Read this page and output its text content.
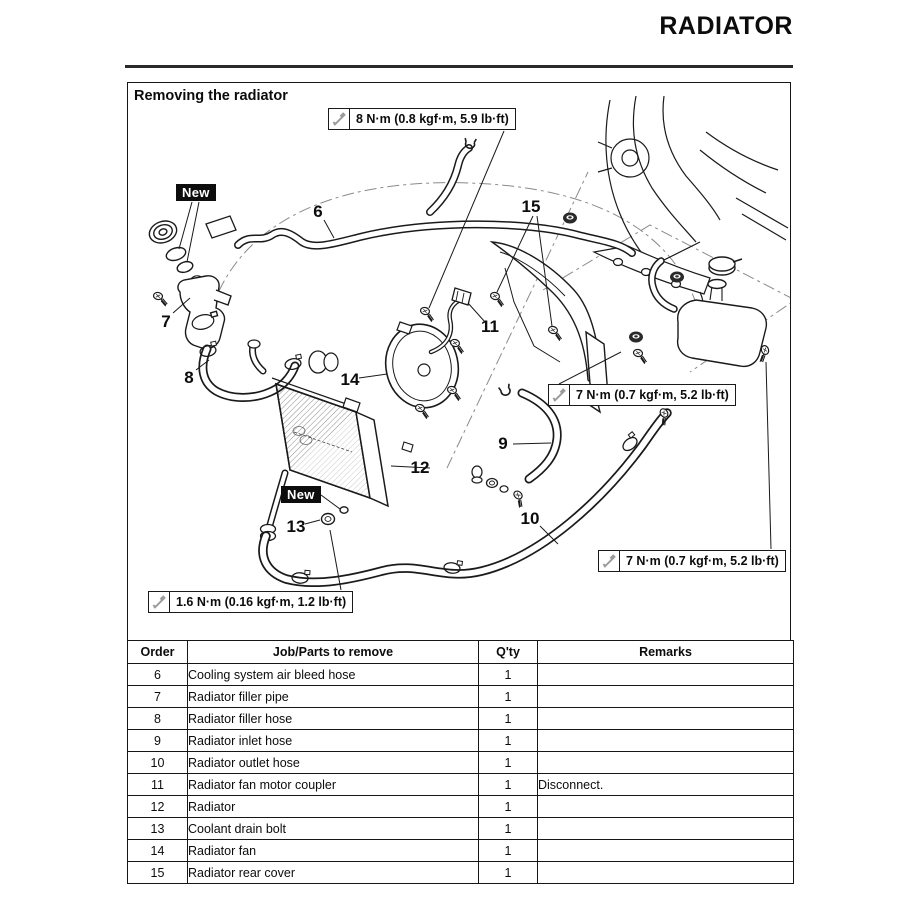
RADIATOR
Removing the radiator
8 N·m (0.8 kgf·m, 5.9 lb·ft)
7 N·m (0.7 kgf·m, 5.2 lb·ft)
7 N·m (0.7 kgf·m, 5.2 lb·ft)
1.6 N·m (0.16 kgf·m, 1.2 lb·ft)
New
New
6
7
8
9
10
11
12
13
14
15
Order	Job/Parts to remove	Q'ty	Remarks
6	Cooling system air bleed hose	1	
7	Radiator filler pipe	1	
8	Radiator filler hose	1	
9	Radiator inlet hose	1	
10	Radiator outlet hose	1	
11	Radiator fan motor coupler	1	Disconnect.
12	Radiator	1	
13	Coolant drain bolt	1	
14	Radiator fan	1	
15	Radiator rear cover	1	
